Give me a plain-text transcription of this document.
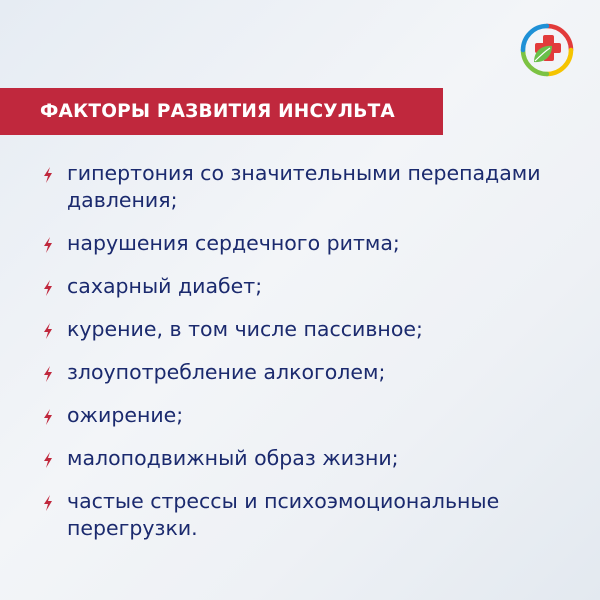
ФАКТОРЫ РАЗВИТИЯ ИНСУЛЬТА
гипертония со значительными перепадами давления;
нарушения сердечного ритма;
сахарный диабет;
курение, в том числе пассивное;
злоупотребление алкоголем;
ожирение;
малоподвижный образ жизни;
частые стрессы и психоэмоциональные перегрузки.
